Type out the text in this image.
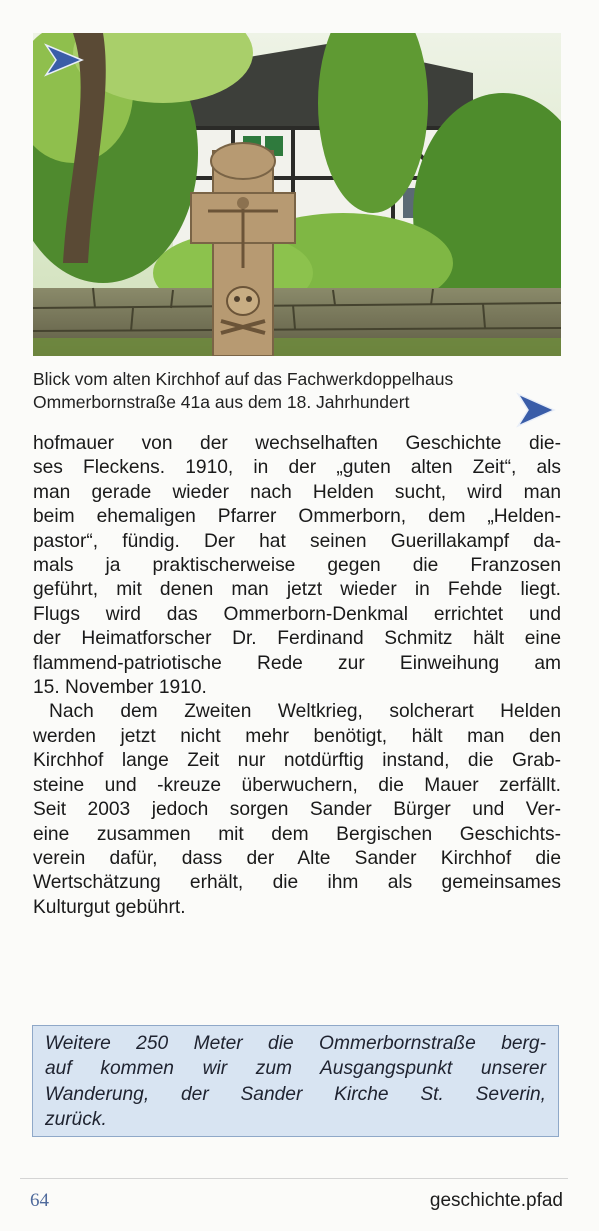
Blick vom alten Kirchhof auf das Fachwerkdoppelhaus

Ommerbornstraße 41a aus dem 18. Jahrhundert

hofmauer von der wechselhaften Geschichte die-
ses Fleckens. 1910, in der „guten alten Zeit“, als
man gerade wieder nach Helden sucht, wird man
beim ehemaligen Pfarrer Ommerborn, dem „Helden-
pastor“, fündig. Der hat seinen Guerillakampf da-
mals ja praktischerweise gegen die Franzosen
geführt, mit denen man jetzt wieder in Fehde liegt.
Flugs wird das Ommerborn-Denkmal errichtet und
der Heimatforscher Dr. Ferdinand Schmitz hält eine
flammend-patriotische Rede zur Einweihung am
15. November 1910.
Nach dem Zweiten Weltkrieg, solcherart Helden
werden jetzt nicht mehr benötigt, hält man den
Kirchhof lange Zeit nur notdürftig instand, die Grab-
steine und -kreuze überwuchern, die Mauer zerfällt.
Seit 2003 jedoch sorgen Sander Bürger und Ver-
eine zusammen mit dem Bergischen Geschichts-
verein dafür, dass der Alte Sander Kirchhof die
Wertschätzung erhält, die ihm als gemeinsames
Kulturgut gebührt.
Weitere 250 Meter die Ommerbornstraße berg-
auf kommen wir zum Ausgangspunkt unserer
Wanderung, der Sander Kirche St. Severin,
zurück.
64	geschichte.pfad
